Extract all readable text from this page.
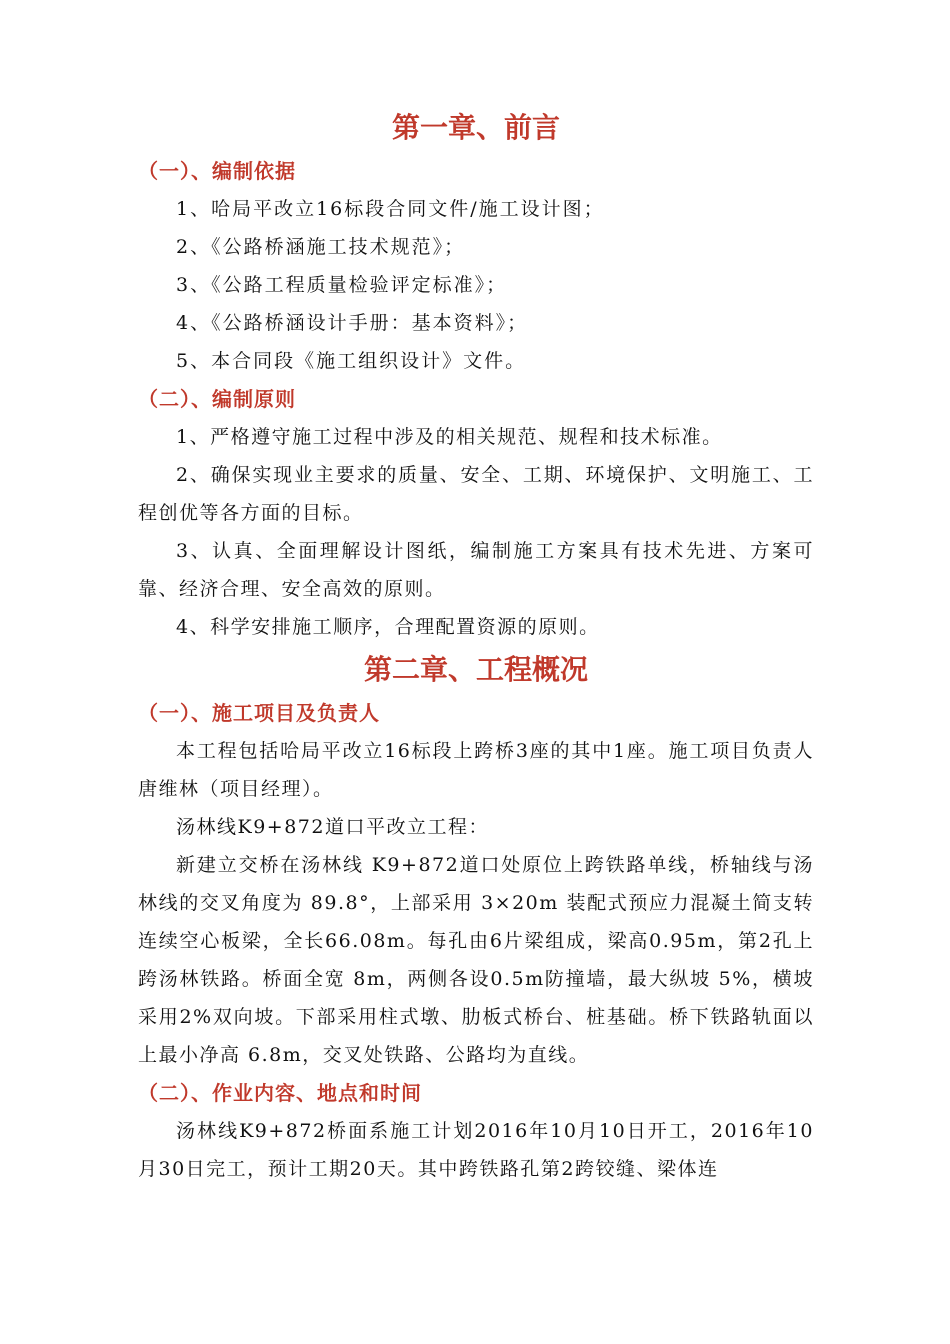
第一章、前言
（一）、编制依据

1、哈局平改立16标段合同文件/施工设计图；

2、《公路桥涵施工技术规范》；

3、《公路工程质量检验评定标准》；

4、《公路桥涵设计手册：基本资料》；

5、本合同段《施工组织设计》文件。

（二）、编制原则

1、严格遵守施工过程中涉及的相关规范、规程和技术标准。

2、确保实现业主要求的质量、安全、工期、环境保护、文明施工、工程创优等各方面的目标。

3、认真、全面理解设计图纸，编制施工方案具有技术先进、方案可靠、经济合理、安全高效的原则。

4、科学安排施工顺序，合理配置资源的原则。

第二章、工程概况
（一）、施工项目及负责人

本工程包括哈局平改立16标段上跨桥3座的其中1座。施工项目负责人唐维林（项目经理）。

汤林线K9+872道口平改立工程：

新建立交桥在汤林线 K9+872道口处原位上跨铁路单线，桥轴线与汤林线的交叉角度为 89.8°，上部采用 3×20m 装配式预应力混凝土简支转连续空心板梁，全长66.08m。每孔由6片梁组成，梁高0.95m，第2孔上跨汤林铁路。桥面全宽 8m，两侧各设0.5m防撞墙，最大纵坡 5%，横坡采用2%双向坡。下部采用柱式墩、肋板式桥台、桩基础。桥下铁路轨面以上最小净高 6.8m，交叉处铁路、公路均为直线。

（二）、作业内容、地点和时间

汤林线K9+872桥面系施工计划2016年10月10日开工，2016年10月30日完工，预计工期20天。其中跨铁路孔第2跨铰缝、梁体连
